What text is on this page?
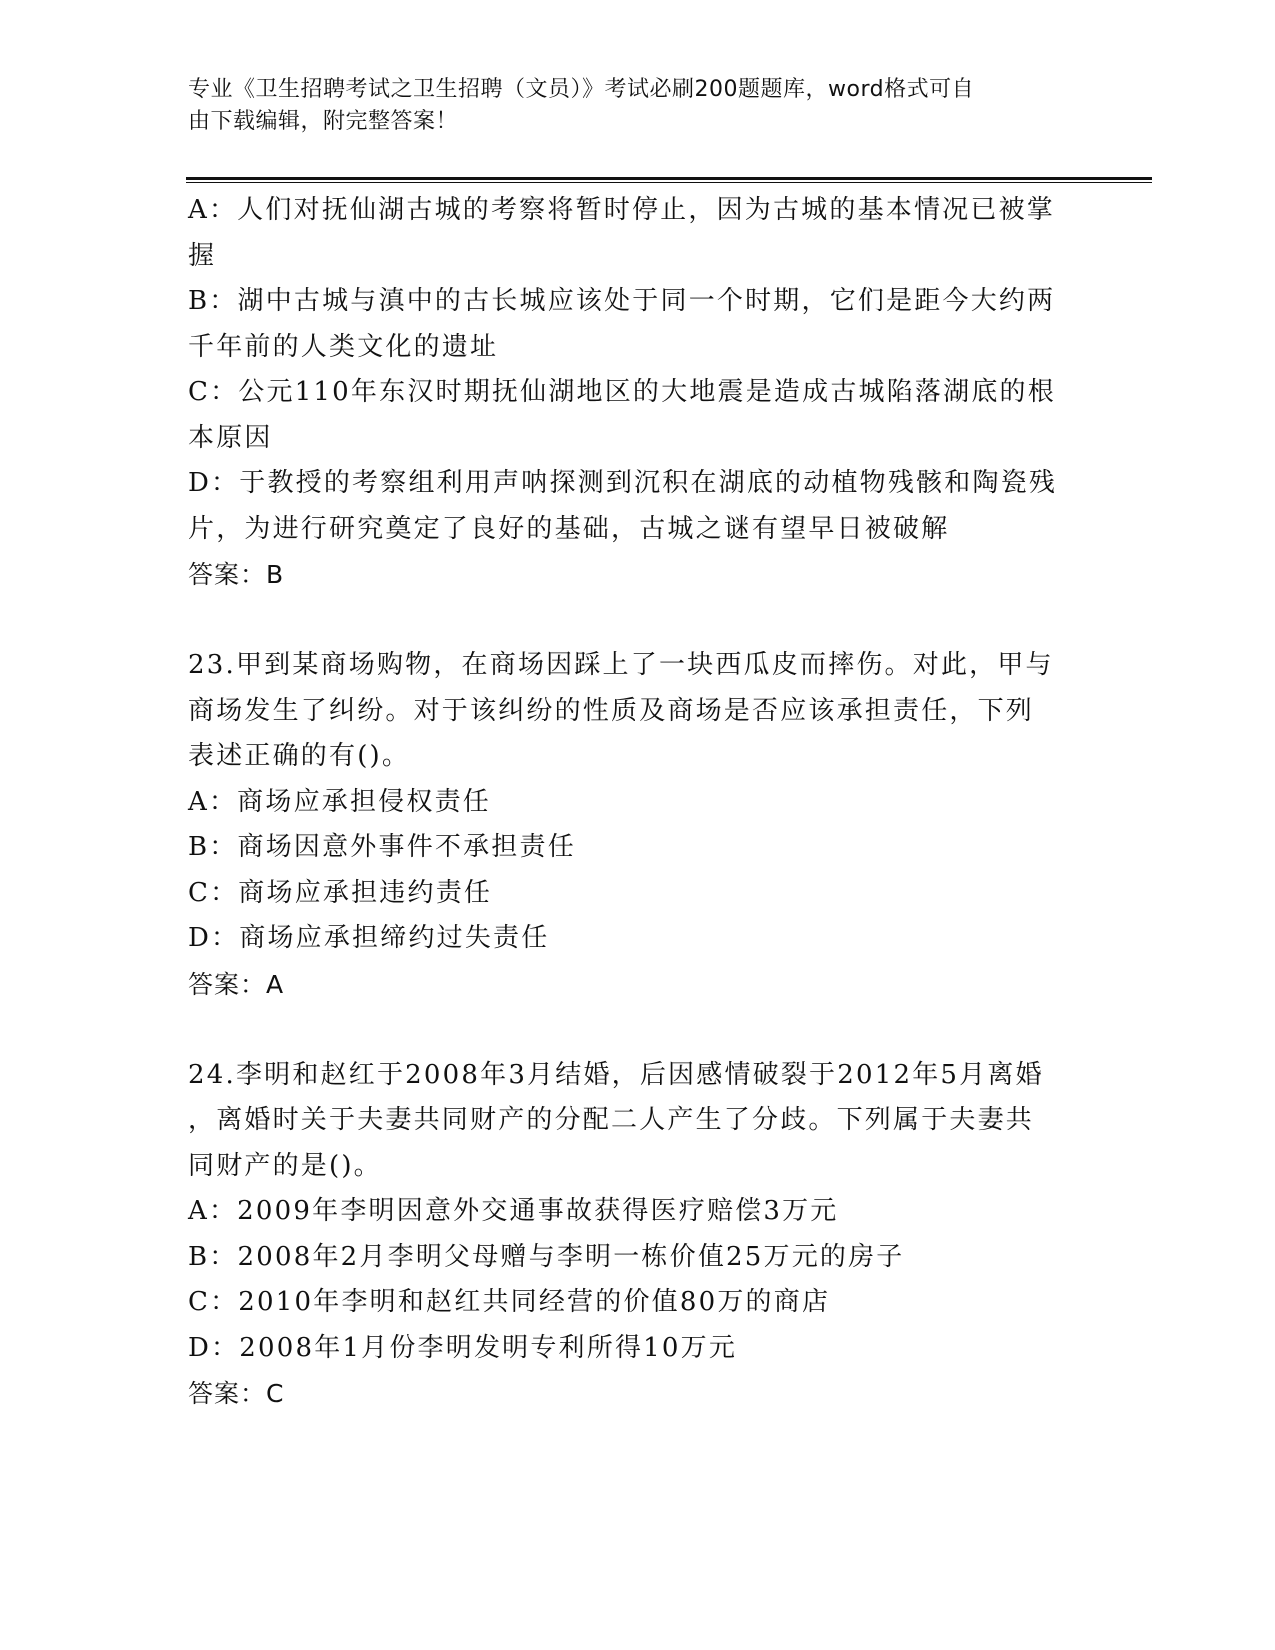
专业《卫生招聘考试之卫生招聘（文员）》考试必刷200题题库，word格式可自
由下载编辑，附完整答案！
A：人们对抚仙湖古城的考察将暂时停止，因为古城的基本情况已被掌
握
B：湖中古城与滇中的古长城应该处于同一个时期，它们是距今大约两
千年前的人类文化的遗址
C：公元110年东汉时期抚仙湖地区的大地震是造成古城陷落湖底的根
本原因
D：于教授的考察组利用声呐探测到沉积在湖底的动植物残骸和陶瓷残
片，为进行研究奠定了良好的基础，古城之谜有望早日被破解
答案：B
23.甲到某商场购物，在商场因踩上了一块西瓜皮而摔伤。对此，甲与
商场发生了纠纷。对于该纠纷的性质及商场是否应该承担责任，下列
表述正确的有()。
A：商场应承担侵权责任
B：商场因意外事件不承担责任
C：商场应承担违约责任
D：商场应承担缔约过失责任
答案：A
24.李明和赵红于2008年3月结婚，后因感情破裂于2012年5月离婚
，离婚时关于夫妻共同财产的分配二人产生了分歧。下列属于夫妻共
同财产的是()。
A：2009年李明因意外交通事故获得医疗赔偿3万元
B：2008年2月李明父母赠与李明一栋价值25万元的房子
C：2010年李明和赵红共同经营的价值80万的商店
D：2008年1月份李明发明专利所得10万元
答案：C
